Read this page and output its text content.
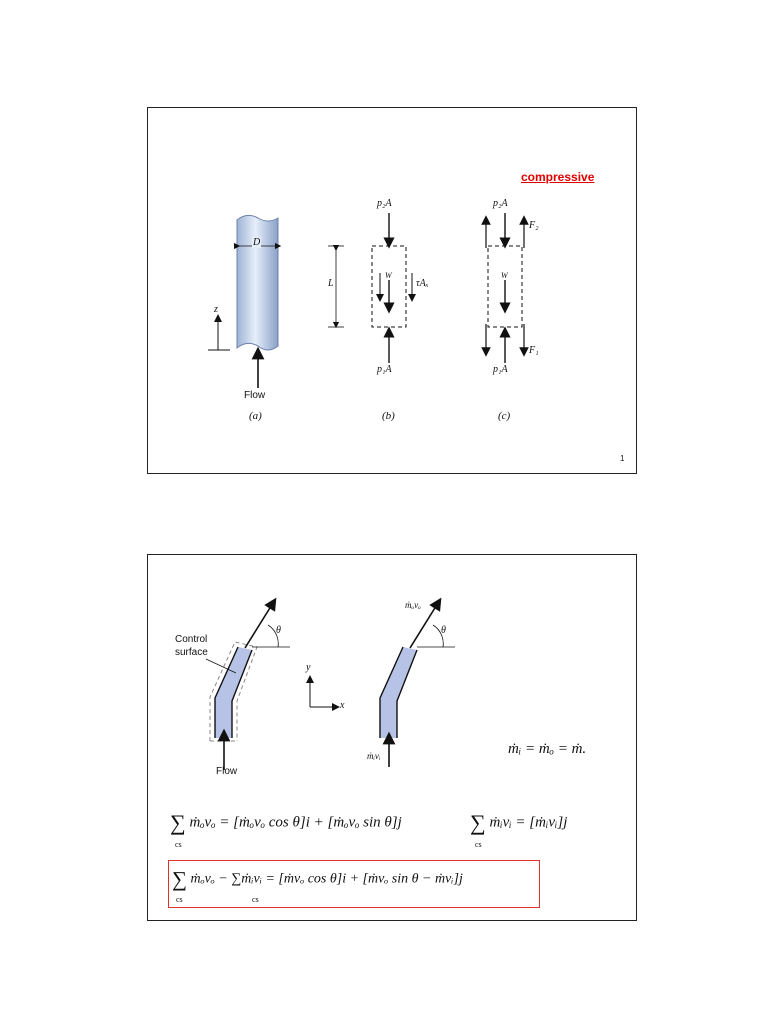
compressive
D
z
Flow
(a)
p₂A
p₁A
L
W
τAₓ
(b)
p₂A
p₁A
W
F₂
F₁
(c)
1
Control
surface
θ
Flow
y
x
ṁₒvₒ
θ
ṁᵢvᵢ	ṁᵢ = ṁₒ = ṁ.
∑ ṁₒvₒ = [ṁₒvₒ cos θ]i + [ṁₒvₒ sin θ]j
cs
∑ ṁᵢvᵢ = [ṁᵢvᵢ]j
cs
∑ ṁₒvₒ − ∑ṁᵢvᵢ = [ṁvₒ cos θ]i + [ṁvₒ sin θ − ṁvᵢ]j
cs	cs
